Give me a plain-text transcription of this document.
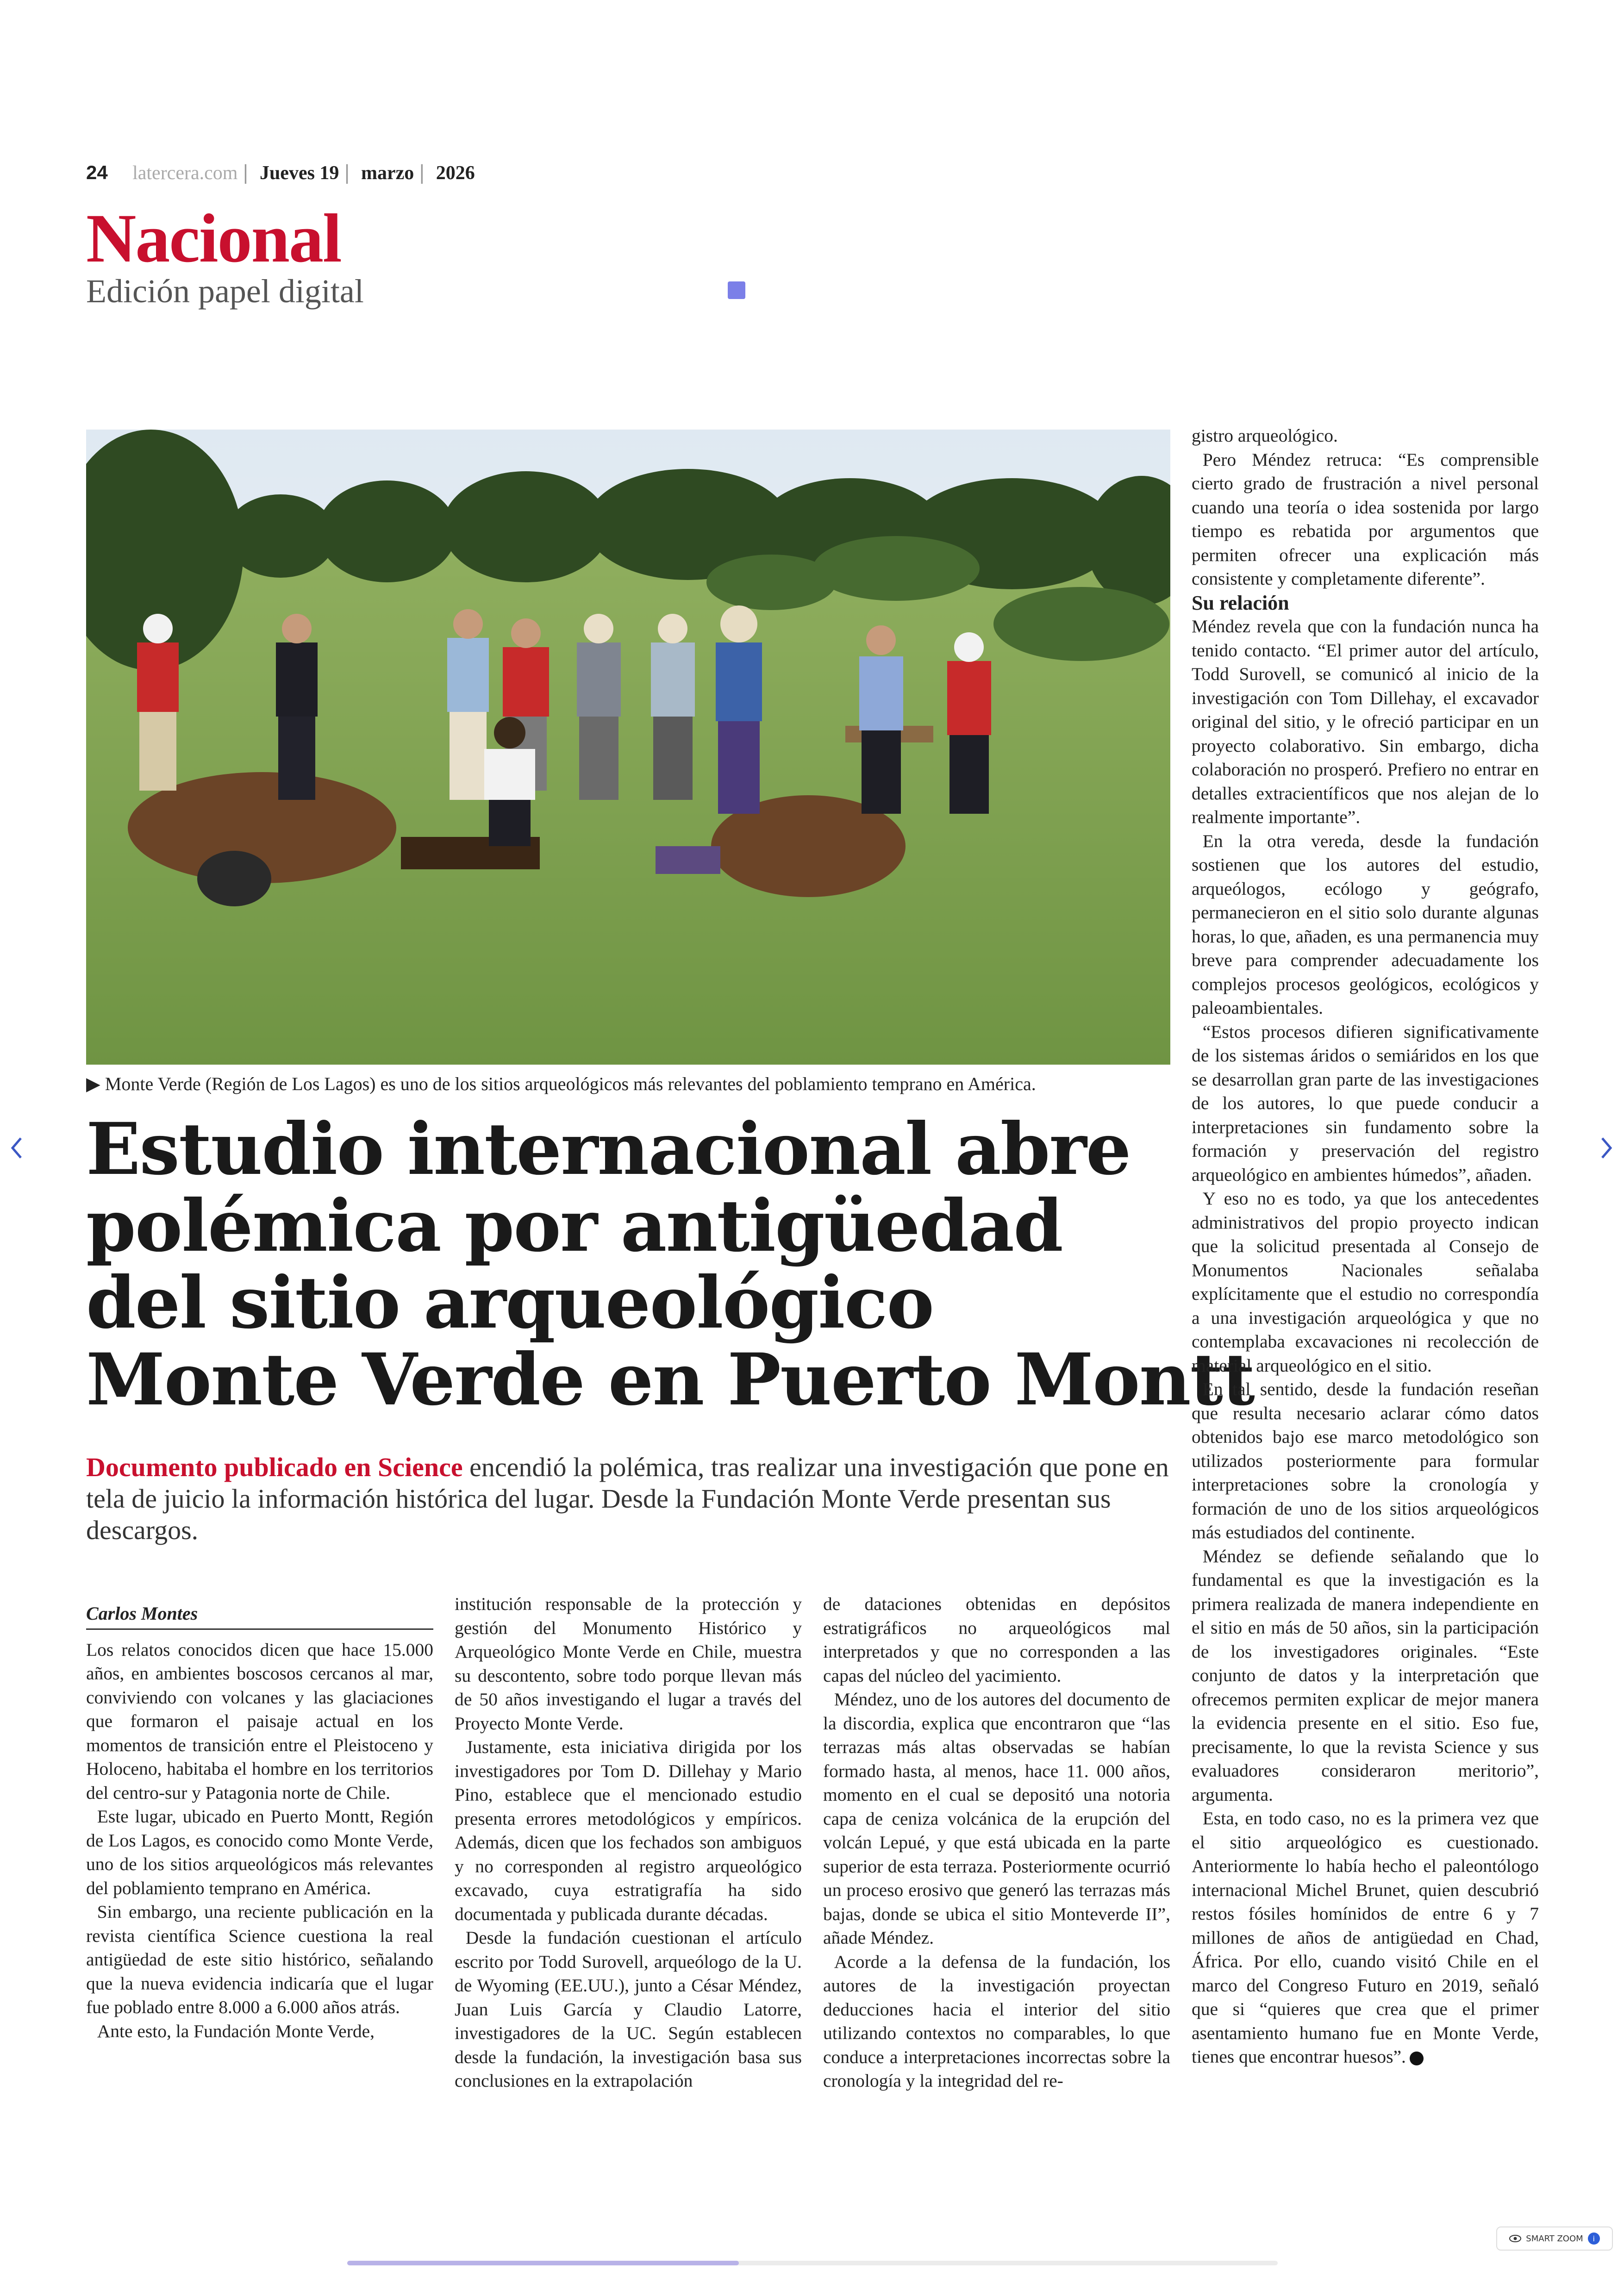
24 latercera.com | Jueves 19 | marzo | 2026
Nacional
Edición papel digital
▶ Monte Verde (Región de Los Lagos) es uno de los sitios arqueológicos más relevantes del poblamiento temprano en América.
Estudio internacional abre
polémica por antigüedad
del sitio arqueológico
Monte Verde en Puerto Montt
Documento publicado en Science encendió la polémica, tras realizar una investigación que pone en tela de juicio la información histórica del lugar. Desde la Fundación Monte Verde presentan sus descargos.

Carlos Montes

Los relatos conocidos dicen que hace 15.000 años, en ambientes boscosos cercanos al mar, conviviendo con volcanes y las glaciaciones que formaron el paisaje actual en los momentos de transición entre el Pleistoceno y Holoceno, habitaba el hombre en los territorios del centro-sur y Patagonia norte de Chile.

Este lugar, ubicado en Puerto Montt, Región de Los Lagos, es conocido como Monte Verde, uno de los sitios arqueológicos más relevantes del poblamiento temprano en América.

Sin embargo, una reciente publicación en la revista científica Science cuestiona la real antigüedad de este sitio histórico, señalando que la nueva evidencia indicaría que el lugar fue poblado entre 8.000 a 6.000 años atrás.

Ante esto, la Fundación Monte Verde,

institución responsable de la protección y gestión del Monumento Histórico y Arqueológico Monte Verde en Chile, muestra su descontento, sobre todo porque llevan más de 50 años investigando el lugar a través del Proyecto Monte Verde.

Justamente, esta iniciativa dirigida por los investigadores por Tom D. Dillehay y Mario Pino, establece que el mencionado estudio presenta errores metodológicos y empíricos. Además, dicen que los fechados son ambiguos y no corresponden al registro arqueológico excavado, cuya estratigrafía ha sido documentada y publicada durante décadas.

Desde la fundación cuestionan el artículo escrito por Todd Surovell, arqueólogo de la U. de Wyoming (EE.UU.), junto a César Méndez, Juan Luis García y Claudio Latorre, investigadores de la UC. Según establecen desde la fundación, la investigación basa sus conclusiones en la extrapolación

de dataciones obtenidas en depósitos estratigráficos no arqueológicos mal interpretados y que no corresponden a las capas del núcleo del yacimiento.

Méndez, uno de los autores del documento de la discordia, explica que encontraron que “las terrazas más altas observadas se habían formado hasta, al menos, hace 11. 000 años, momento en el cual se depositó una notoria capa de ceniza volcánica de la erupción del volcán Lepué, y que está ubicada en la parte superior de esta terraza. Posteriormente ocurrió un proceso erosivo que generó las terrazas más bajas, donde se ubica el sitio Monteverde II”, añade Méndez.

Acorde a la defensa de la fundación, los autores de la investigación proyectan deducciones hacia el interior del sitio utilizando contextos no comparables, lo que conduce a interpretaciones incorrectas sobre la cronología y la integridad del re-

gistro arqueológico.

Pero Méndez retruca: “Es comprensible cierto grado de frustración a nivel personal cuando una teoría o idea sostenida por largo tiempo es rebatida por argumentos que permiten ofrecer una explicación más consistente y completamente diferente”.

Su relación

Méndez revela que con la fundación nunca ha tenido contacto. “El primer autor del artículo, Todd Surovell, se comunicó al inicio de la investigación con Tom Dillehay, el excavador original del sitio, y le ofreció participar en un proyecto colaborativo. Sin embargo, dicha colaboración no prosperó. Prefiero no entrar en detalles extracientíficos que nos alejan de lo realmente importante”.

En la otra vereda, desde la fundación sostienen que los autores del estudio, arqueólogos, ecólogo y geógrafo, permanecieron en el sitio solo durante algunas horas, lo que, añaden, es una permanencia muy breve para comprender adecuadamente los complejos procesos geológicos, ecológicos y paleoambientales.

“Estos procesos difieren significativamente de los sistemas áridos o semiáridos en los que se desarrollan gran parte de las investigaciones de los autores, lo que puede conducir a interpretaciones sin fundamento sobre la formación y preservación del registro arqueológico en ambientes húmedos”, añaden.

Y eso no es todo, ya que los antecedentes administrativos del propio proyecto indican que la solicitud presentada al Consejo de Monumentos Nacionales señalaba explícitamente que el estudio no correspondía a una investigación arqueológica y que no contemplaba excavaciones ni recolección de material arqueológico en el sitio.

En tal sentido, desde la fundación reseñan que resulta necesario aclarar cómo datos obtenidos bajo ese marco metodológico son utilizados posteriormente para formular interpretaciones sobre la cronología y formación de uno de los sitios arqueológicos más estudiados del continente.

Méndez se defiende señalando que lo fundamental es que la investigación es la primera realizada de manera independiente en el sitio en más de 50 años, sin la participación de los investigadores originales. “Este conjunto de datos y la interpretación que ofrecemos permiten explicar de mejor manera la evidencia presente en el sitio. Eso fue, precisamente, lo que la revista Science y sus evaluadores consideraron meritorio”, argumenta.

Esta, en todo caso, no es la primera vez que el sitio arqueológico es cuestionado. Anteriormente lo había hecho el paleontólogo internacional Michel Brunet, quien descubrió restos fósiles homínidos de entre 6 y 7 millones de años de antigüedad en Chad, África. Por ello, cuando visitó Chile en el marco del Congreso Futuro en 2019, señaló que si “quieres que crea que el primer asentamiento humano fue en Monte Verde, tienes que encontrar huesos”.

SMART ZOOM	i
